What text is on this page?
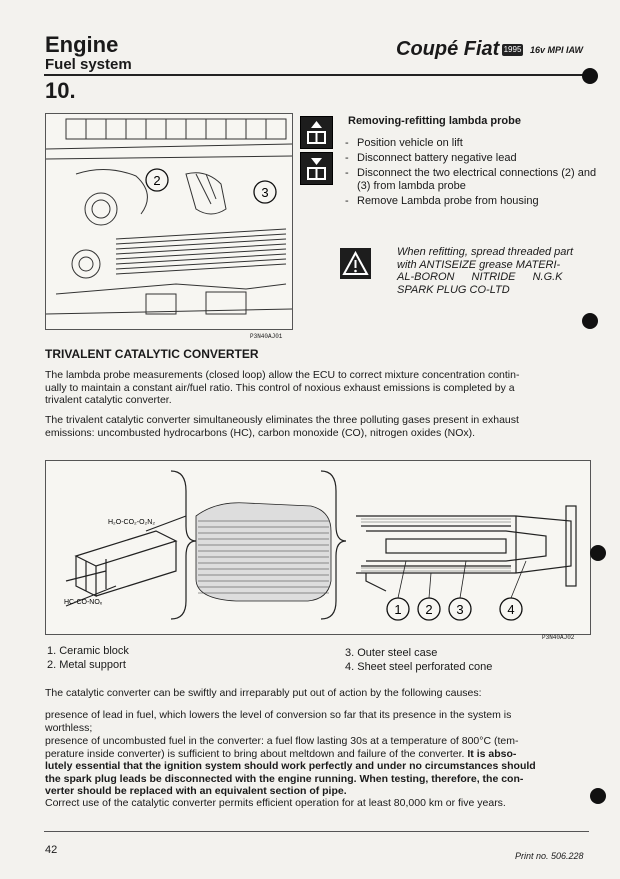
Engine
Fuel system
Coupé Fiat 1995 16v MPI IAW
10.
2
3
P3N40AJ01
Removing-refitting lambda probe
- Position vehicle on lift
- Disconnect battery negative lead
- Disconnect the two electrical connections (2) and (3) from lambda probe
- Remove Lambda probe from housing
When refitting, spread threaded part
with ANTISEIZE grease MATERI-
AL-BORON NITRIDE N.G.K
SPARK PLUG CO-LTD
TRIVALENT CATALYTIC CONVERTER
The lambda probe measurements (closed loop) allow the ECU to correct mixture concentration contin-
ually to maintain a constant air/fuel ratio. This control of noxious exhaust emissions is completed by a
trivalent catalytic converter.
The trivalent catalytic converter simultaneously eliminates the three polluting gases present in exhaust
emissions: uncombusted hydrocarbons (HC), carbon monoxide (CO), nitrogen oxides (NOx).
1 2 3	4
H₂O-CO₂-O₂N₂
HC-CO-NOₓ
P3N40AJ02
1. Ceramic block
2. Metal support
3. Outer steel case
4. Sheet steel perforated cone
The catalytic converter can be swiftly and irreparably put out of action by the following causes:
presence of lead in fuel, which lowers the level of conversion so far that its presence in the system is
worthless;
presence of uncombusted fuel in the converter: a fuel flow lasting 30s at a temperature of 800°C (tem-
perature inside converter) is sufficient to bring about meltdown and failure of the converter. It is abso-
lutely essential that the ignition system should work perfectly and under no circumstances should
the spark plug leads be disconnected with the engine running. When testing, therefore, the con-
verter should be replaced with an equivalent section of pipe.
Correct use of the catalytic converter permits efficient operation for at least 80,000 km or five years.
42	Print no. 506.228
